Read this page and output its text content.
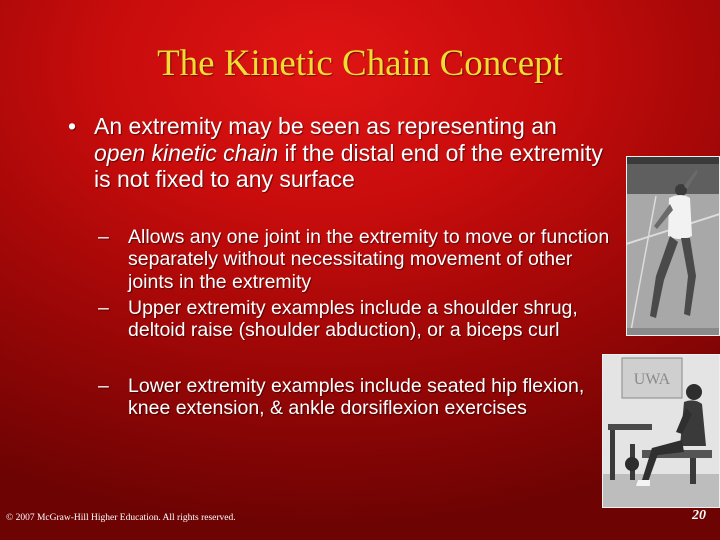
The Kinetic Chain Concept
• An extremity may be seen as representing an open kinetic chain if the distal end of the extremity is not fixed to any surface
– Allows any one joint in the extremity to move or function separately without necessitating movement of other joints in the extremity
– Upper extremity examples include a shoulder shrug, deltoid raise (shoulder abduction), or a biceps curl
– Lower extremity examples include seated hip flexion, knee extension, & ankle dorsiflexion exercises
UWA
© 2007 McGraw-Hill Higher Education. All rights reserved.	20
